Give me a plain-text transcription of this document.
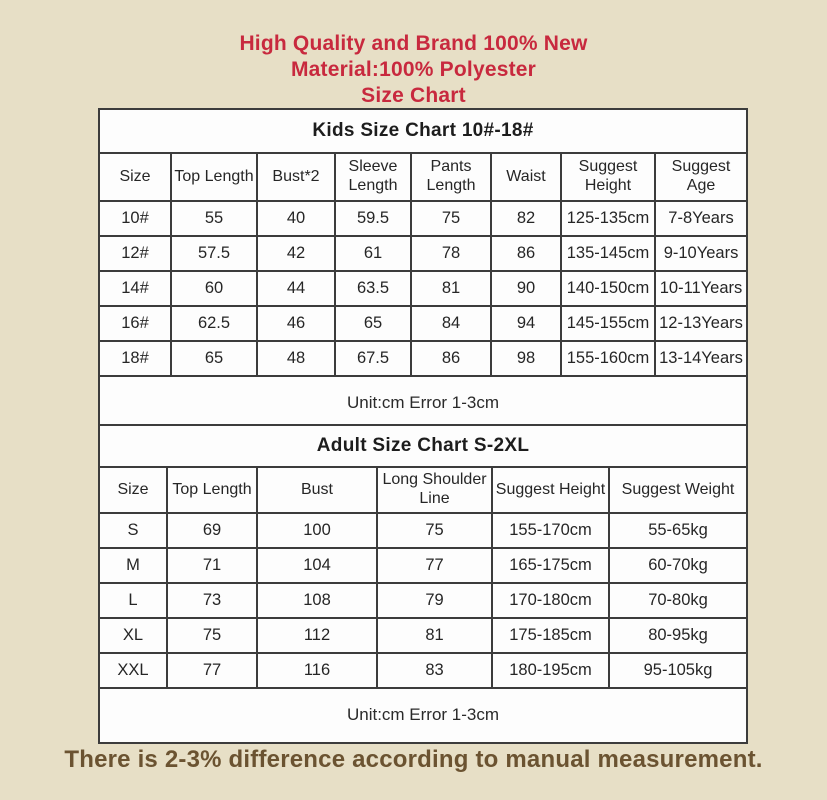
High Quality and Brand 100% New
Material:100% Polyester
Size Chart
Kids Size Chart 10#-18#							
Size	Top Length	Bust*2	Sleeve Length	Pants Length	Waist	Suggest Height	Suggest Age
10#	55	40	59.5	75	82	125-135cm	7-8Years
12#	57.5	42	61	78	86	135-145cm	9-10Years
14#	60	44	63.5	81	90	140-150cm	10-11Years
16#	62.5	46	65	84	94	145-155cm	12-13Years
18#	65	48	67.5	86	98	155-160cm	13-14Years
Unit:cm Error 1-3cm							
Adult Size Chart S-2XL					
Size	Top Length	Bust	Long Shoulder Line	Suggest Height	Suggest Weight
S	69	100	75	155-170cm	55-65kg
M	71	104	77	165-175cm	60-70kg
L	73	108	79	170-180cm	70-80kg
XL	75	112	81	175-185cm	80-95kg
XXL	77	116	83	180-195cm	95-105kg
Unit:cm Error 1-3cm					
There is 2-3% difference according to manual measurement.
